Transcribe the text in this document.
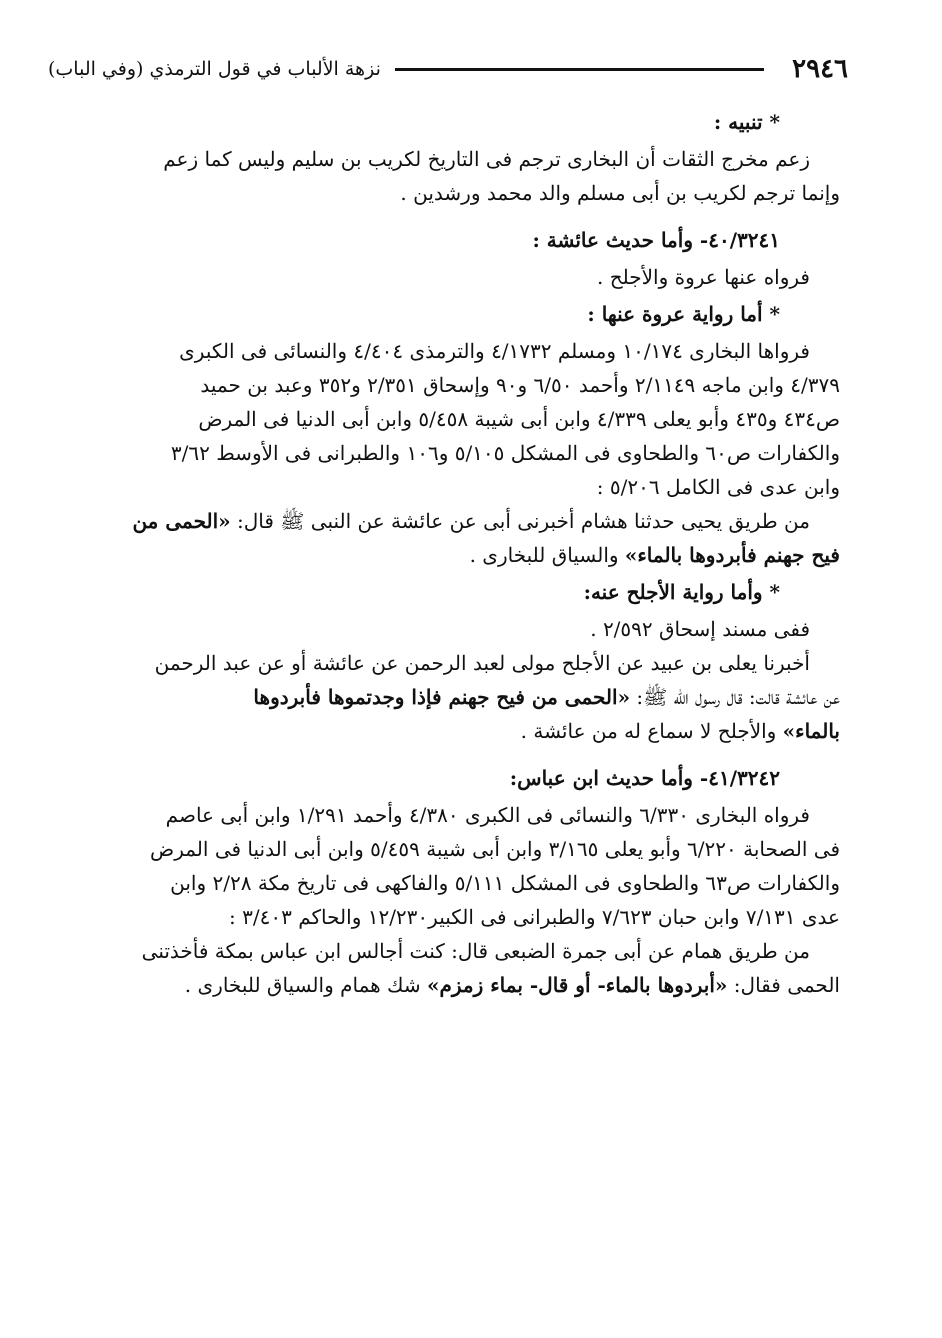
٢٩٤٦
نزهة الألباب في قول الترمذي (وفي الباب)
* تنبيه :
زعم مخرج الثقات أن البخارى ترجم فى التاريخ لكريب بن سليم وليس كما زعم
وإنما ترجم لكريب بن أبى مسلم والد محمد ورشدين .
٤٠/٣٢٤١- وأما حديث عائشة :
فرواه عنها عروة والأجلح .
* أما رواية عروة عنها :
فرواها البخارى ١٠/١٧٤ ومسلم ٤/١٧٣٢ والترمذى ٤/٤٠٤ والنسائى فى الكبرى
٤/٣٧٩ وابن ماجه ٢/١١٤٩ وأحمد ٦/٥٠ و٩٠ وإسحاق ٢/٣٥١ و٣٥٢ وعبد بن حميد
ص٤٣٤ و٤٣٥ وأبو يعلى ٤/٣٣٩ وابن أبى شيبة ٥/٤٥٨ وابن أبى الدنيا فى المرض
والكفارات ص٦٠ والطحاوى فى المشكل ٥/١٠٥ و١٠٦ والطبرانى فى الأوسط ٣/٦٢
وابن عدى فى الكامل ٥/٢٠٦ :
من طريق يحيى حدثنا هشام أخبرنى أبى عن عائشة عن النبى ﷺ قال: «الحمى من
فيح جهنم فأبردوها بالماء» والسياق للبخارى .
* وأما رواية الأجلح عنه:
ففى مسند إسحاق ٢/٥٩٢ .
أخبرنا يعلى بن عبيد عن الأجلح مولى لعبد الرحمن عن عائشة أو عن عبد الرحمن
عن عائشة قالت: قال رسول الله ﷺ: «الحمى من فيح جهنم فإذا وجدتموها فأبردوها
بالماء» والأجلح لا سماع له من عائشة .
٤١/٣٢٤٢- وأما حديث ابن عباس:
فرواه البخارى ٦/٣٣٠ والنسائى فى الكبرى ٤/٣٨٠ وأحمد ١/٢٩١ وابن أبى عاصم
فى الصحابة ٦/٢٢٠ وأبو يعلى ٣/١٦٥ وابن أبى شيبة ٥/٤٥٩ وابن أبى الدنيا فى المرض
والكفارات ص٦٣ والطحاوى فى المشكل ٥/١١١ والفاكهى فى تاريخ مكة ٢/٢٨ وابن
عدى ٧/١٣١ وابن حبان ٧/٦٢٣ والطبرانى فى الكبير١٢/٢٣٠ والحاكم ٣/٤٠٣ :
من طريق همام عن أبى جمرة الضبعى قال: كنت أجالس ابن عباس بمكة فأخذتنى
الحمى فقال: «أبردوها بالماء- أو قال- بماء زمزم» شك همام والسياق للبخارى .
